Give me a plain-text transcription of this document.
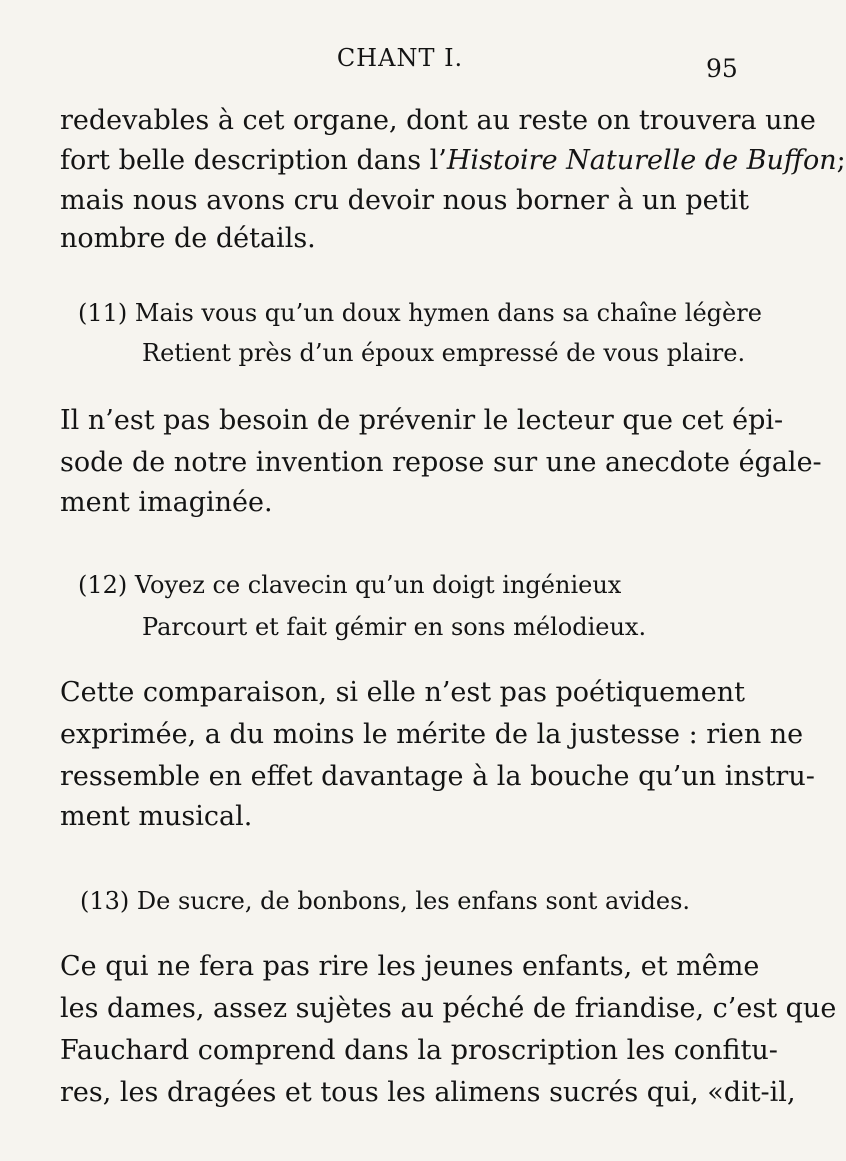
CHANT I.	95
redevables à cet organe, dont au reste on trouvera une
fort belle description dans l’Histoire Naturelle de Buffon;
mais nous avons cru devoir nous borner à un petit
nombre de détails.
(11) Mais vous qu’un doux hymen dans sa chaîne légère
Retient près d’un époux empressé de vous plaire.
Il n’est pas besoin de prévenir le lecteur que cet épi-
sode de notre invention repose sur une anecdote égale-
ment imaginée.
(12) Voyez ce clavecin qu’un doigt ingénieux
Parcourt et fait gémir en sons mélodieux.
Cette comparaison, si elle n’est pas poétiquement
exprimée, a du moins le mérite de la justesse : rien ne
ressemble en effet davantage à la bouche qu’un instru-
ment musical.
(13) De sucre, de bonbons, les enfans sont avides.
Ce qui ne fera pas rire les jeunes enfants, et même
les dames, assez sujètes au péché de friandise, c’est que
Fauchard comprend dans la proscription les confitu-
res, les dragées et tous les alimens sucrés qui, «dit-il,
